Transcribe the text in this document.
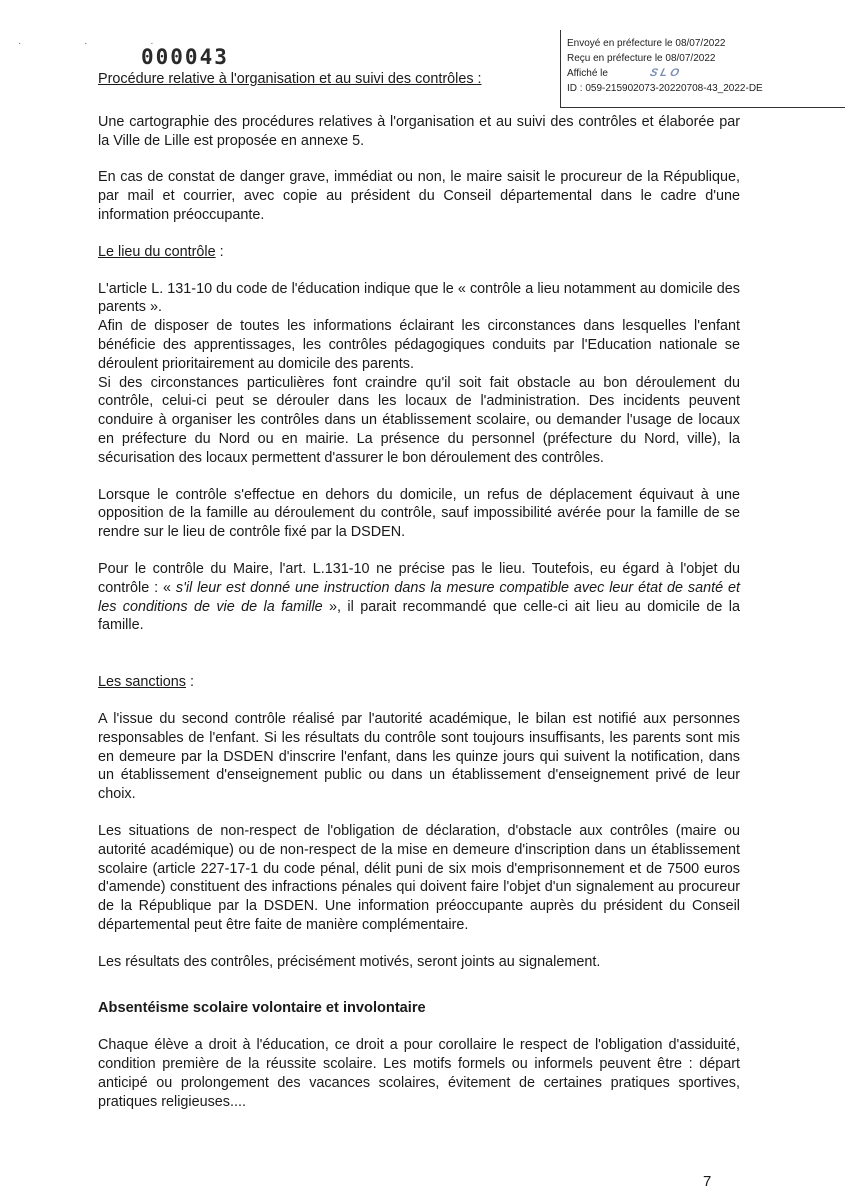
· · ·
000043
Envoyé en préfecture le 08/07/2022
Reçu en préfecture le 08/07/2022
Affiché le	SLO
ID : 059-215902073-20220708-43_2022-DE

Procédure relative à l'organisation et au suivi des contrôles :

Une cartographie des procédures relatives à l'organisation et au suivi des contrôles et élaborée par la Ville de Lille est proposée en annexe 5.

En cas de constat de danger grave, immédiat ou non, le maire saisit le procureur de la République, par mail et courrier, avec copie au président du Conseil départemental dans le cadre d'une information préoccupante.

Le lieu du contrôle :

L'article L. 131-10 du code de l'éducation indique que le « contrôle a lieu notamment au domicile des parents ».

Afin de disposer de toutes les informations éclairant les circonstances dans lesquelles l'enfant bénéficie des apprentissages, les contrôles pédagogiques conduits par l'Education nationale se déroulent prioritairement au domicile des parents.

Si des circonstances particulières font craindre qu'il soit fait obstacle au bon déroulement du contrôle, celui-ci peut se dérouler dans les locaux de l'administration. Des incidents peuvent conduire à organiser les contrôles dans un établissement scolaire, ou demander l'usage de locaux en préfecture du Nord ou en mairie. La présence du personnel (préfecture du Nord, ville), la sécurisation des locaux permettent d'assurer le bon déroulement des contrôles.

Lorsque le contrôle s'effectue en dehors du domicile, un refus de déplacement équivaut à une opposition de la famille au déroulement du contrôle, sauf impossibilité avérée pour la famille de se rendre sur le lieu de contrôle fixé par la DSDEN.

Pour le contrôle du Maire, l'art. L.131-10 ne précise pas le lieu. Toutefois, eu égard à l'objet du contrôle : « s'il leur est donné une instruction dans la mesure compatible avec leur état de santé et les conditions de vie de la famille », il parait recommandé que celle-ci ait lieu au domicile de la famille.

Les sanctions :

A l'issue du second contrôle réalisé par l'autorité académique, le bilan est notifié aux personnes responsables de l'enfant. Si les résultats du contrôle sont toujours insuffisants, les parents sont mis en demeure par la DSDEN d'inscrire l'enfant, dans les quinze jours qui suivent la notification, dans un établissement d'enseignement public ou dans un établissement d'enseignement privé de leur choix.

Les situations de non-respect de l'obligation de déclaration, d'obstacle aux contrôles (maire ou autorité académique) ou de non-respect de la mise en demeure d'inscription dans un établissement scolaire (article 227-17-1 du code pénal, délit puni de six mois d'emprisonnement et de 7500 euros d'amende) constituent des infractions pénales qui doivent faire l'objet d'un signalement au procureur de la République par la DSDEN. Une information préoccupante auprès du président du Conseil départemental peut être faite de manière complémentaire.

Les résultats des contrôles, précisément motivés, seront joints au signalement.

Absentéisme scolaire volontaire et involontaire

Chaque élève a droit à l'éducation, ce droit a pour corollaire le respect de l'obligation d'assiduité, condition première de la réussite scolaire. Les motifs formels ou informels peuvent être : départ anticipé ou prolongement des vacances scolaires, évitement de certaines pratiques sportives, pratiques religieuses....

7
